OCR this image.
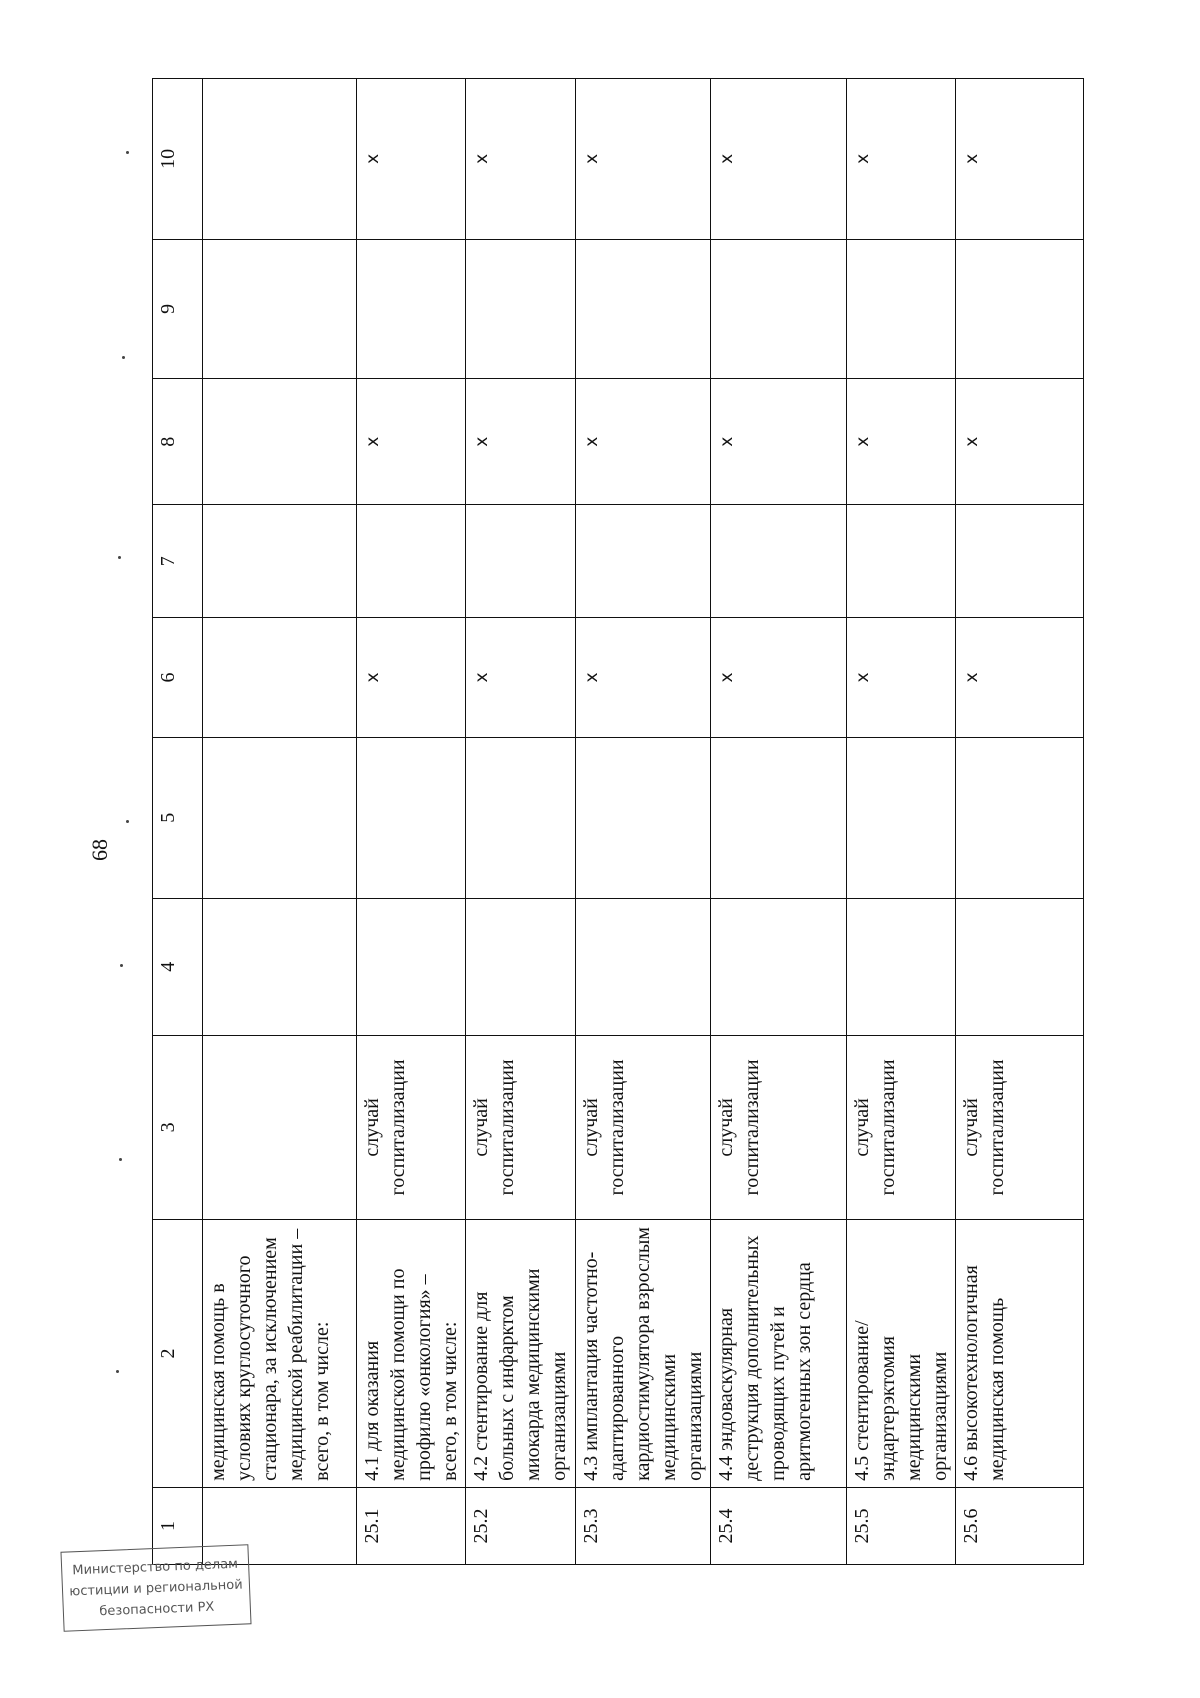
68
1	2	3	4	5	6	7	8	9	10
	медицинская помощь в условиях круглосуточного стационара, за исключением медицинской реабилитации – всего, в том числе:								
25.1	4.1 для оказания медицинской помощи по профилю «онкология» – всего, в том числе:	случай госпитализации			х		х		х
25.2	4.2 стентирование для больных с инфарктом миокарда медицинскими организациями	случай госпитализации			х		х		х
25.3	4.3 имплантация частотно-адаптированного кардиостимулятора взрослым медицинскими организациями	случай госпитализации			х		х		х
25.4	4.4 эндоваскулярная деструкция дополнительных проводящих путей и аритмогенных зон сердца	случай госпитализации			х		х		х
25.5	4.5 стентирование/ эндартерэктомия медицинскими организациями	случай госпитализации			х		х		х
25.6	4.6 высокотехнологичная медицинская помощь	случай госпитализации			х		х		х
Министерство по делам
юстиции и региональной
безопасности РХ
